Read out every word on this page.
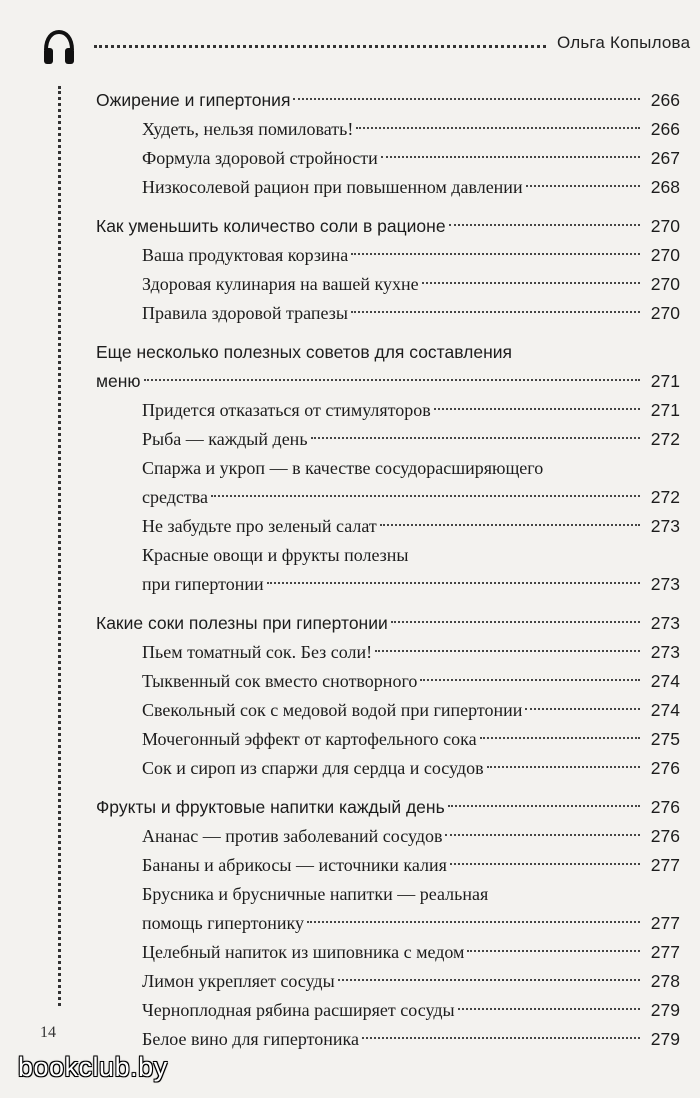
Ольга Копылова
Ожирение и гипертония	266
Худеть, нельзя помиловать!	266
Формула здоровой стройности	267
Низкосолевой рацион при повышенном давлении	268
Как уменьшить количество соли в рационе	270
Ваша продуктовая корзина	270
Здоровая кулинария на вашей кухне	270
Правила здоровой трапезы	270
Еще несколько полезных советов для составления
меню	271
Придется отказаться от стимуляторов	271
Рыба — каждый день	272
Спаржа и укроп — в качестве сосудорасширяющего
средства	272
Не забудьте про зеленый салат	273
Красные овощи и фрукты полезны
при гипертонии	273
Какие соки полезны при гипертонии	273
Пьем томатный сок. Без соли!	273
Тыквенный сок вместо снотворного	274
Свекольный сок с медовой водой при гипертонии	274
Мочегонный эффект от картофельного сока	275
Сок и сироп из спаржи для сердца и сосудов	276
Фрукты и фруктовые напитки каждый день	276
Ананас — против заболеваний сосудов	276
Бананы и абрикосы — источники калия	277
Брусника и брусничные напитки — реальная
помощь гипертонику	277
Целебный напиток из шиповника с медом	277
Лимон укрепляет сосуды	278
Черноплодная рябина расширяет сосуды	279
Белое вино для гипертоника	279
14
bookclub.by
